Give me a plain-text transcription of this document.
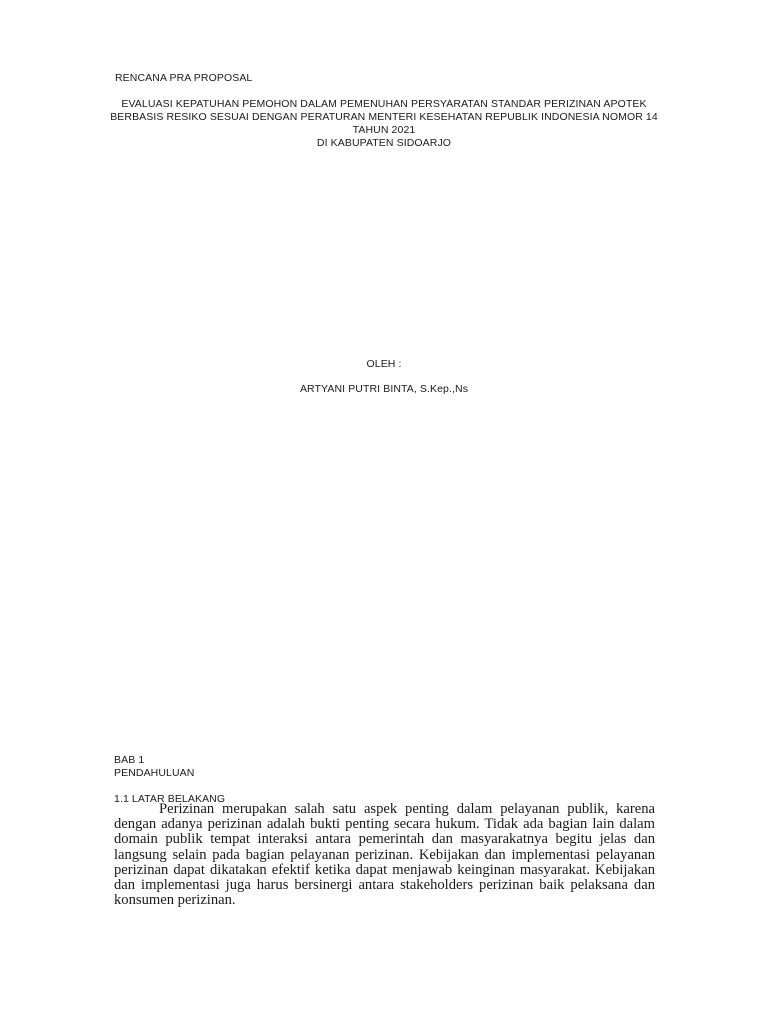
RENCANA PRA PROPOSAL
EVALUASI KEPATUHAN PEMOHON DALAM PEMENUHAN PERSYARATAN STANDAR PERIZINAN APOTEK
BERBASIS RESIKO SESUAI DENGAN PERATURAN MENTERI KESEHATAN REPUBLIK INDONESIA NOMOR 14
TAHUN 2021
DI KABUPATEN SIDOARJO
OLEH :
ARTYANI PUTRI BINTA, S.Kep.,Ns
BAB 1
PENDAHULUAN
1.1 LATAR BELAKANG

Perizinan merupakan salah satu aspek penting dalam pelayanan publik, karena dengan adanya perizinan adalah bukti penting secara hukum. Tidak ada bagian lain dalam domain publik tempat interaksi antara pemerintah dan masyarakatnya begitu jelas dan langsung selain pada bagian pelayanan perizinan. Kebijakan dan implementasi pelayanan perizinan dapat dikatakan efektif ketika dapat menjawab keinginan masyarakat. Kebijakan dan implementasi juga harus bersinergi antara stakeholders perizinan baik pelaksana dan konsumen perizinan.
